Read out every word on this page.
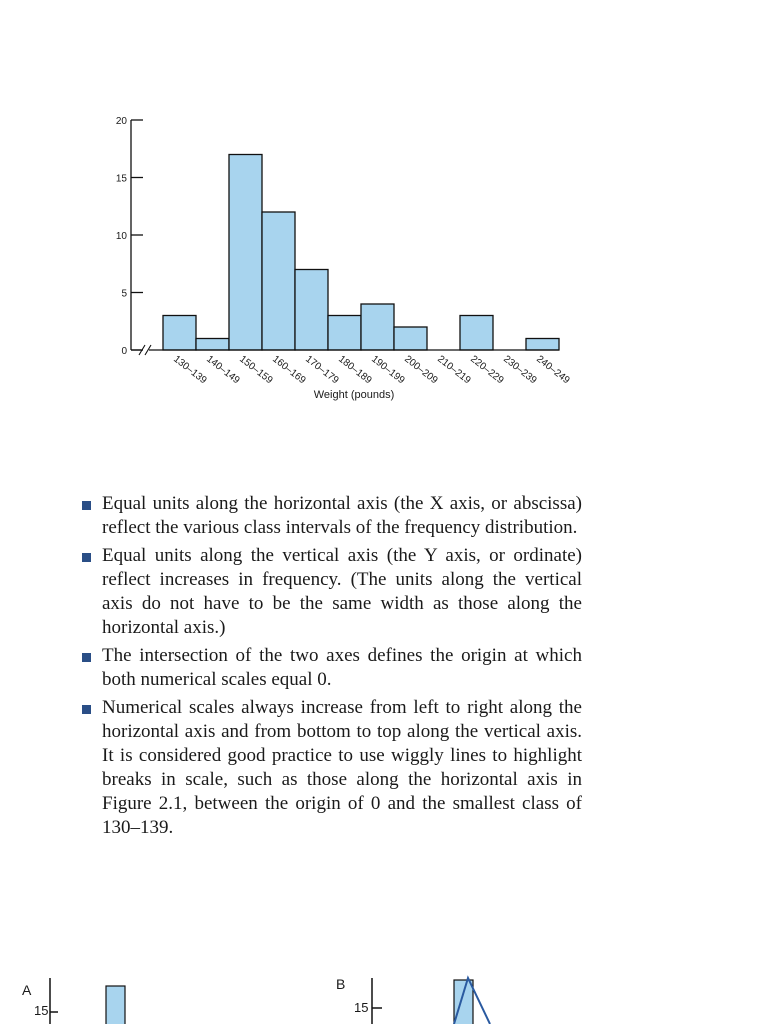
0
5
10
15
20
130–139
140–149
150–159
160–169
170–179
180–189
190–199
200–209
210–219
220–229
230–239
240–249
Weight (pounds)
Equal units along the horizontal axis (the X axis, or abscissa) reflect the various class intervals of the frequency distribution.
Equal units along the vertical axis (the Y axis, or ordinate) reflect increases in frequency. (The units along the vertical axis do not have to be the same width as those along the horizontal axis.)
The intersection of the two axes defines the origin at which both numerical scales equal 0.
Numerical scales always increase from left to right along the horizontal axis and from bottom to top along the vertical axis. It is considered good practice to use wiggly lines to highlight breaks in scale, such as those along the horizontal axis in Figure 2.1, between the origin of 0 and the smallest class of 130–139.
A
15
B
15
